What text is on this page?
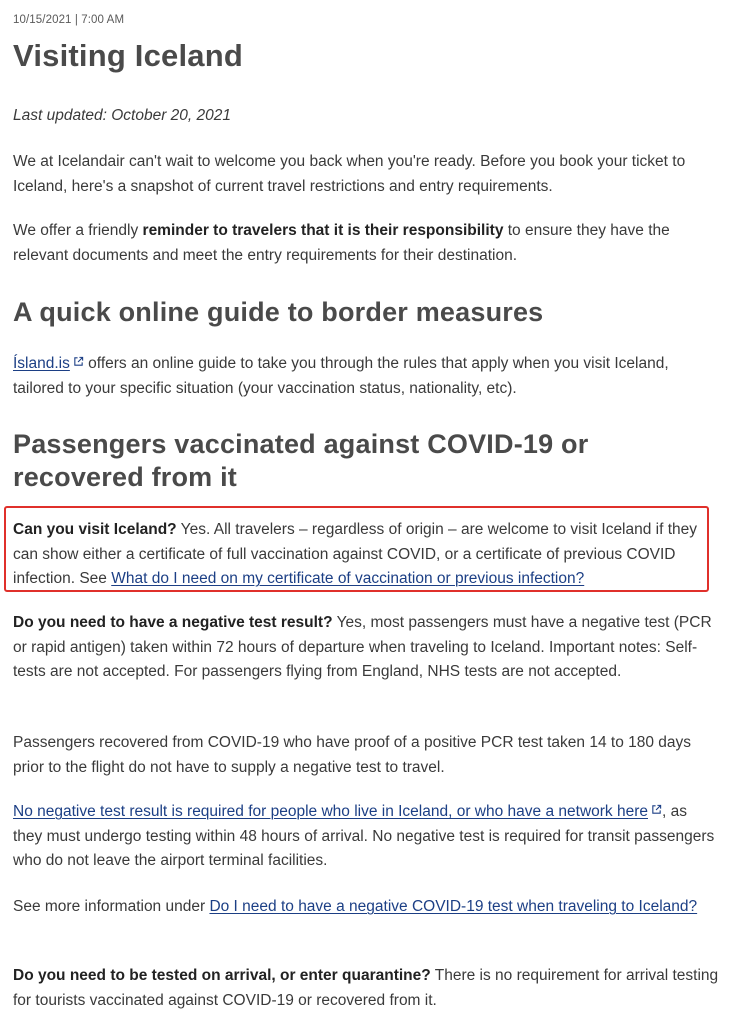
10/15/2021 | 7:00 AM
Visiting Iceland

Last updated: October 20, 2021

We at Icelandair can't wait to welcome you back when you're ready. Before you book your ticket to Iceland, here's a snapshot of current travel restrictions and entry requirements.

We offer a friendly reminder to travelers that it is their responsibility to ensure they have the relevant documents and meet the entry requirements for their destination.

A quick online guide to border measures

Ísland.is offers an online guide to take you through the rules that apply when you visit Iceland, tailored to your specific situation (your vaccination status, nationality, etc).

Passengers vaccinated against COVID-19 or recovered from it

Can you visit Iceland? Yes. All travelers – regardless of origin – are welcome to visit Iceland if they can show either a certificate of full vaccination against COVID, or a certificate of previous COVID infection. See What do I need on my certificate of vaccination or previous infection?

Do you need to have a negative test result? Yes, most passengers must have a negative test (PCR or rapid antigen) taken within 72 hours of departure when traveling to Iceland. Important notes: Self-tests are not accepted. For passengers flying from England, NHS tests are not accepted.

Passengers recovered from COVID-19 who have proof of a positive PCR test taken 14 to 180 days prior to the flight do not have to supply a negative test to travel.

No negative test result is required for people who live in Iceland, or who have a network here , as they must undergo testing within 48 hours of arrival. No negative test is required for transit passengers who do not leave the airport terminal facilities.

See more information under Do I need to have a negative COVID-19 test when traveling to Iceland?

Do you need to be tested on arrival, or enter quarantine? There is no requirement for arrival testing for tourists vaccinated against COVID-19 or recovered from it.
